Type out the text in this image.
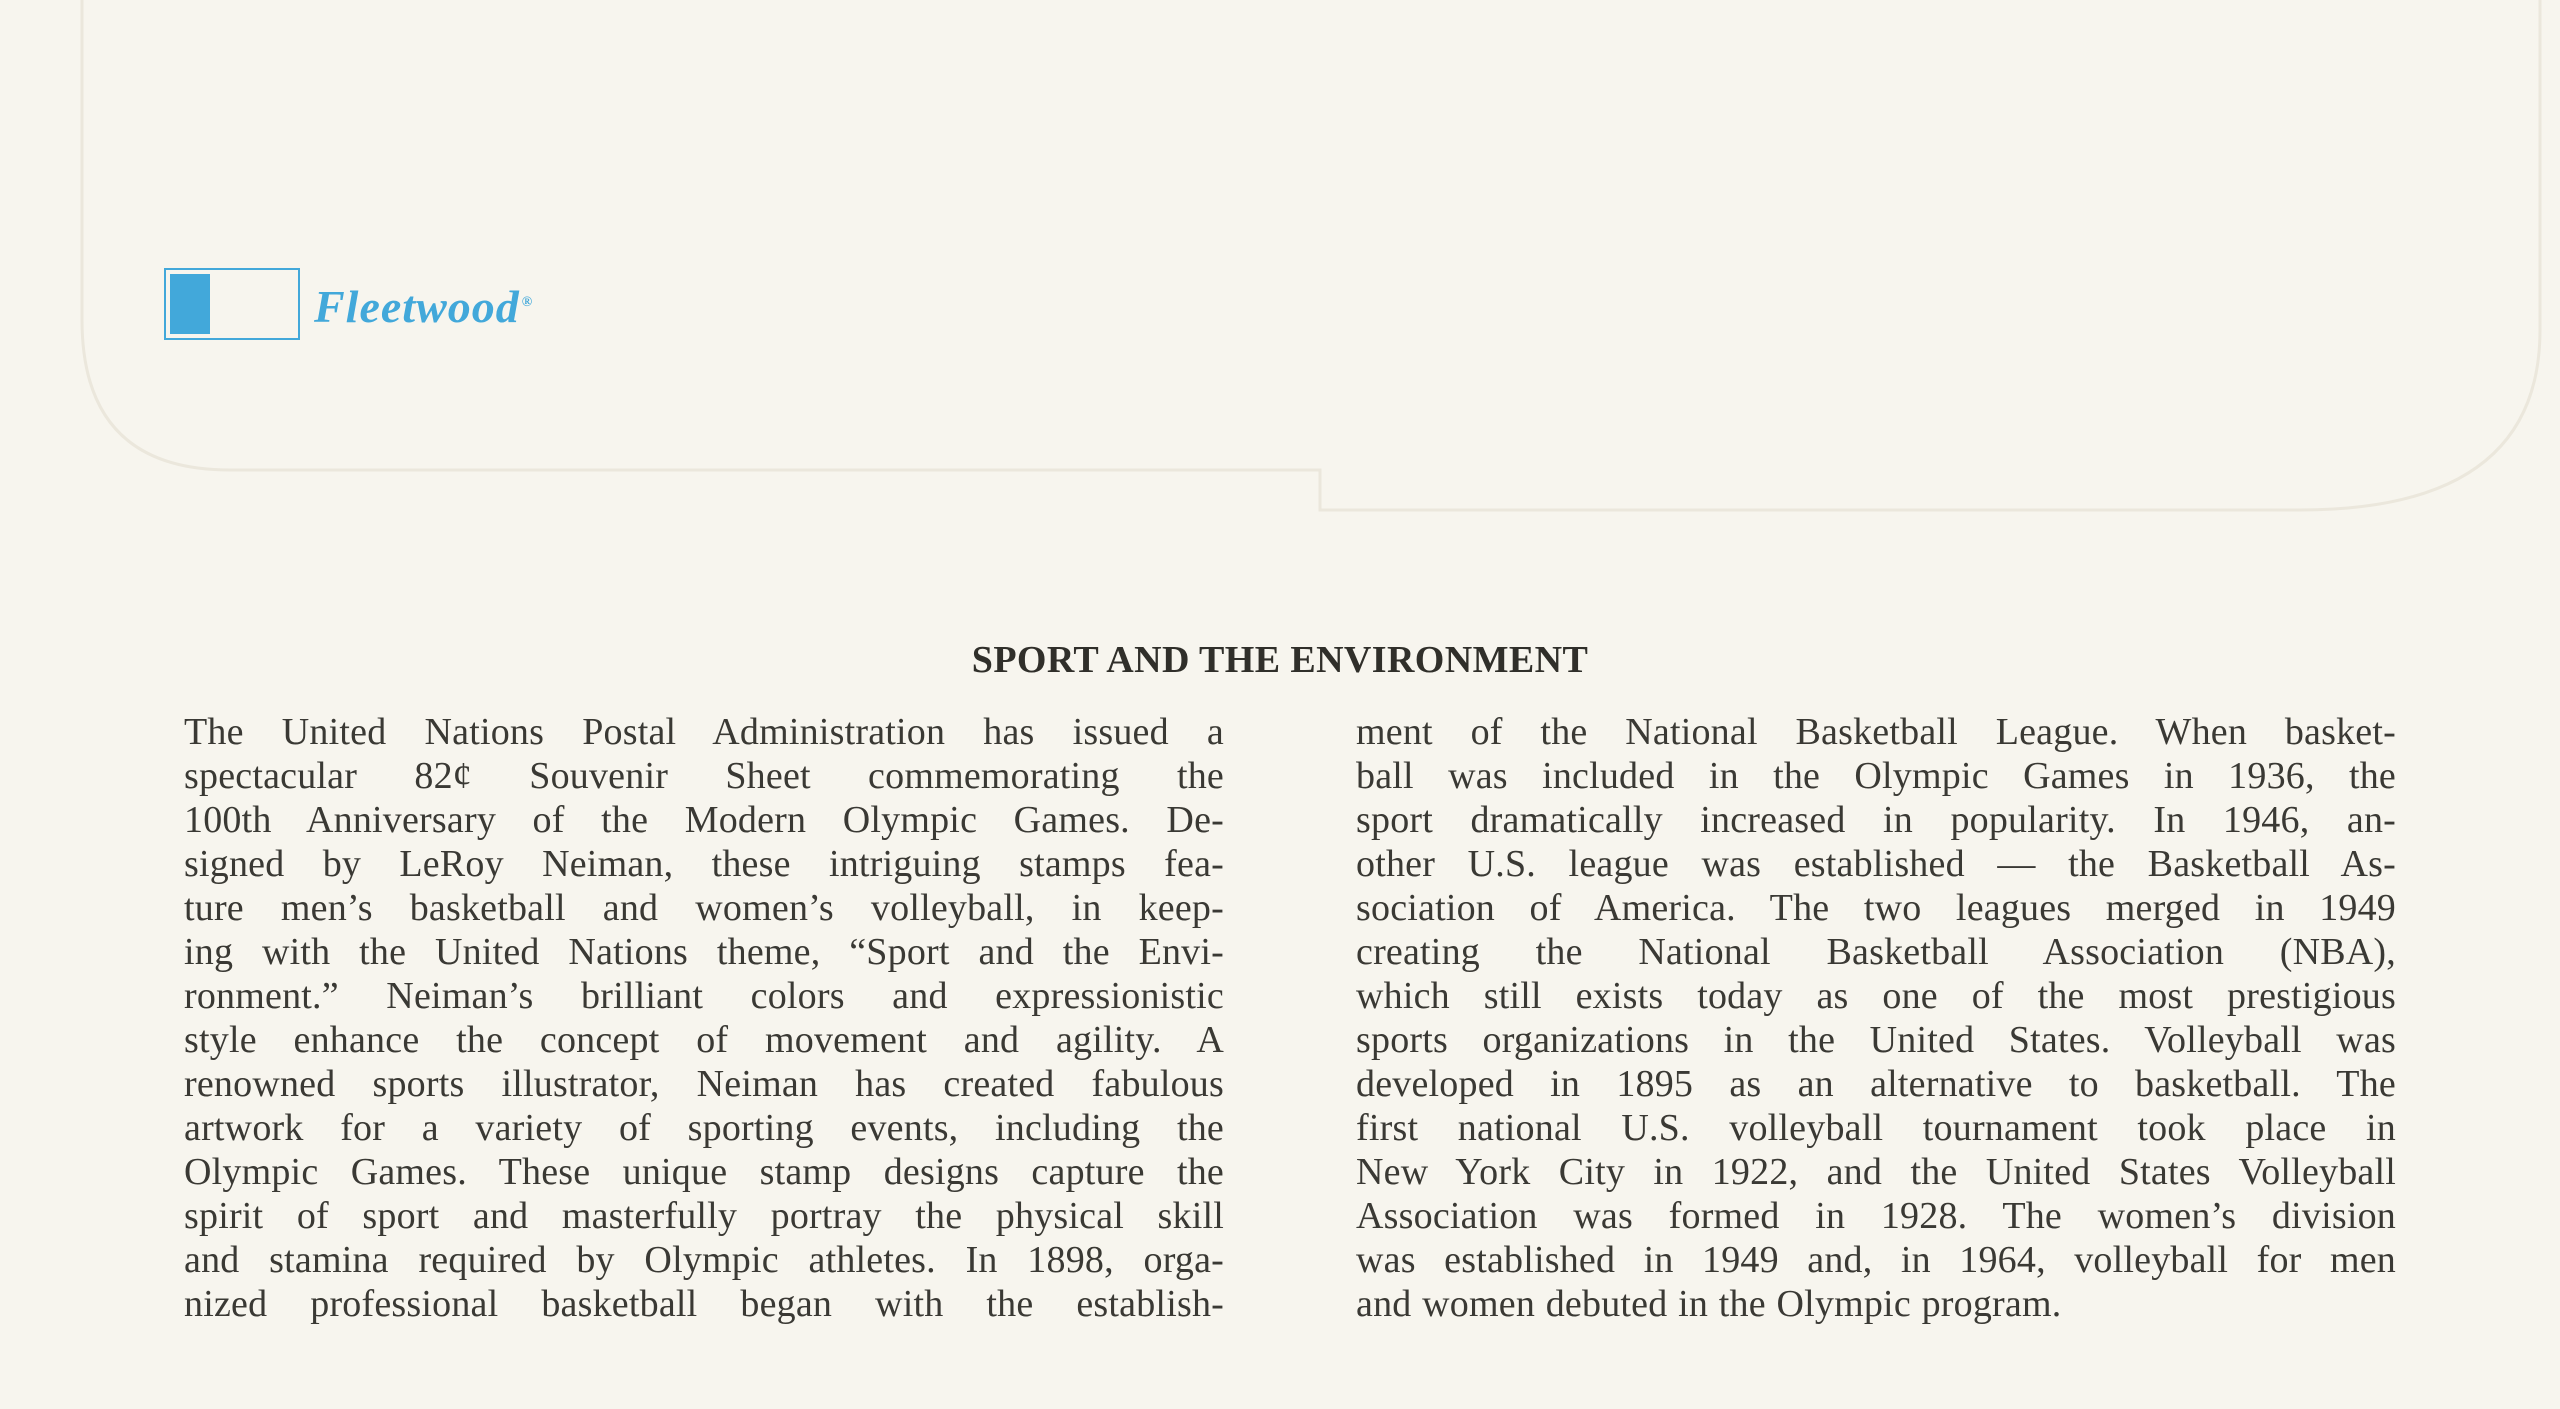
Fleetwood ®
SPORT AND THE ENVIRONMENT
The United Nations Postal Administration has issued a
spectacular 82¢ Souvenir Sheet commemorating the
100th Anniversary of the Modern Olympic Games. De-
signed by LeRoy Neiman, these intriguing stamps fea-
ture men’s basketball and women’s volleyball, in keep-
ing with the United Nations theme, “Sport and the Envi-
ronment.” Neiman’s brilliant colors and expressionistic
style enhance the concept of movement and agility. A
renowned sports illustrator, Neiman has created fabulous
artwork for a variety of sporting events, including the
Olympic Games. These unique stamp designs capture the
spirit of sport and masterfully portray the physical skill
and stamina required by Olympic athletes. In 1898, orga-
nized professional basketball began with the establish-
ment of the National Basketball League. When basket-
ball was included in the Olympic Games in 1936, the
sport dramatically increased in popularity. In 1946, an-
other U.S. league was established — the Basketball As-
sociation of America. The two leagues merged in 1949
creating the National Basketball Association (NBA),
which still exists today as one of the most prestigious
sports organizations in the United States. Volleyball was
developed in 1895 as an alternative to basketball. The
first national U.S. volleyball tournament took place in
New York City in 1922, and the United States Volleyball
Association was formed in 1928. The women’s division
was established in 1949 and, in 1964, volleyball for men
and women debuted in the Olympic program.
